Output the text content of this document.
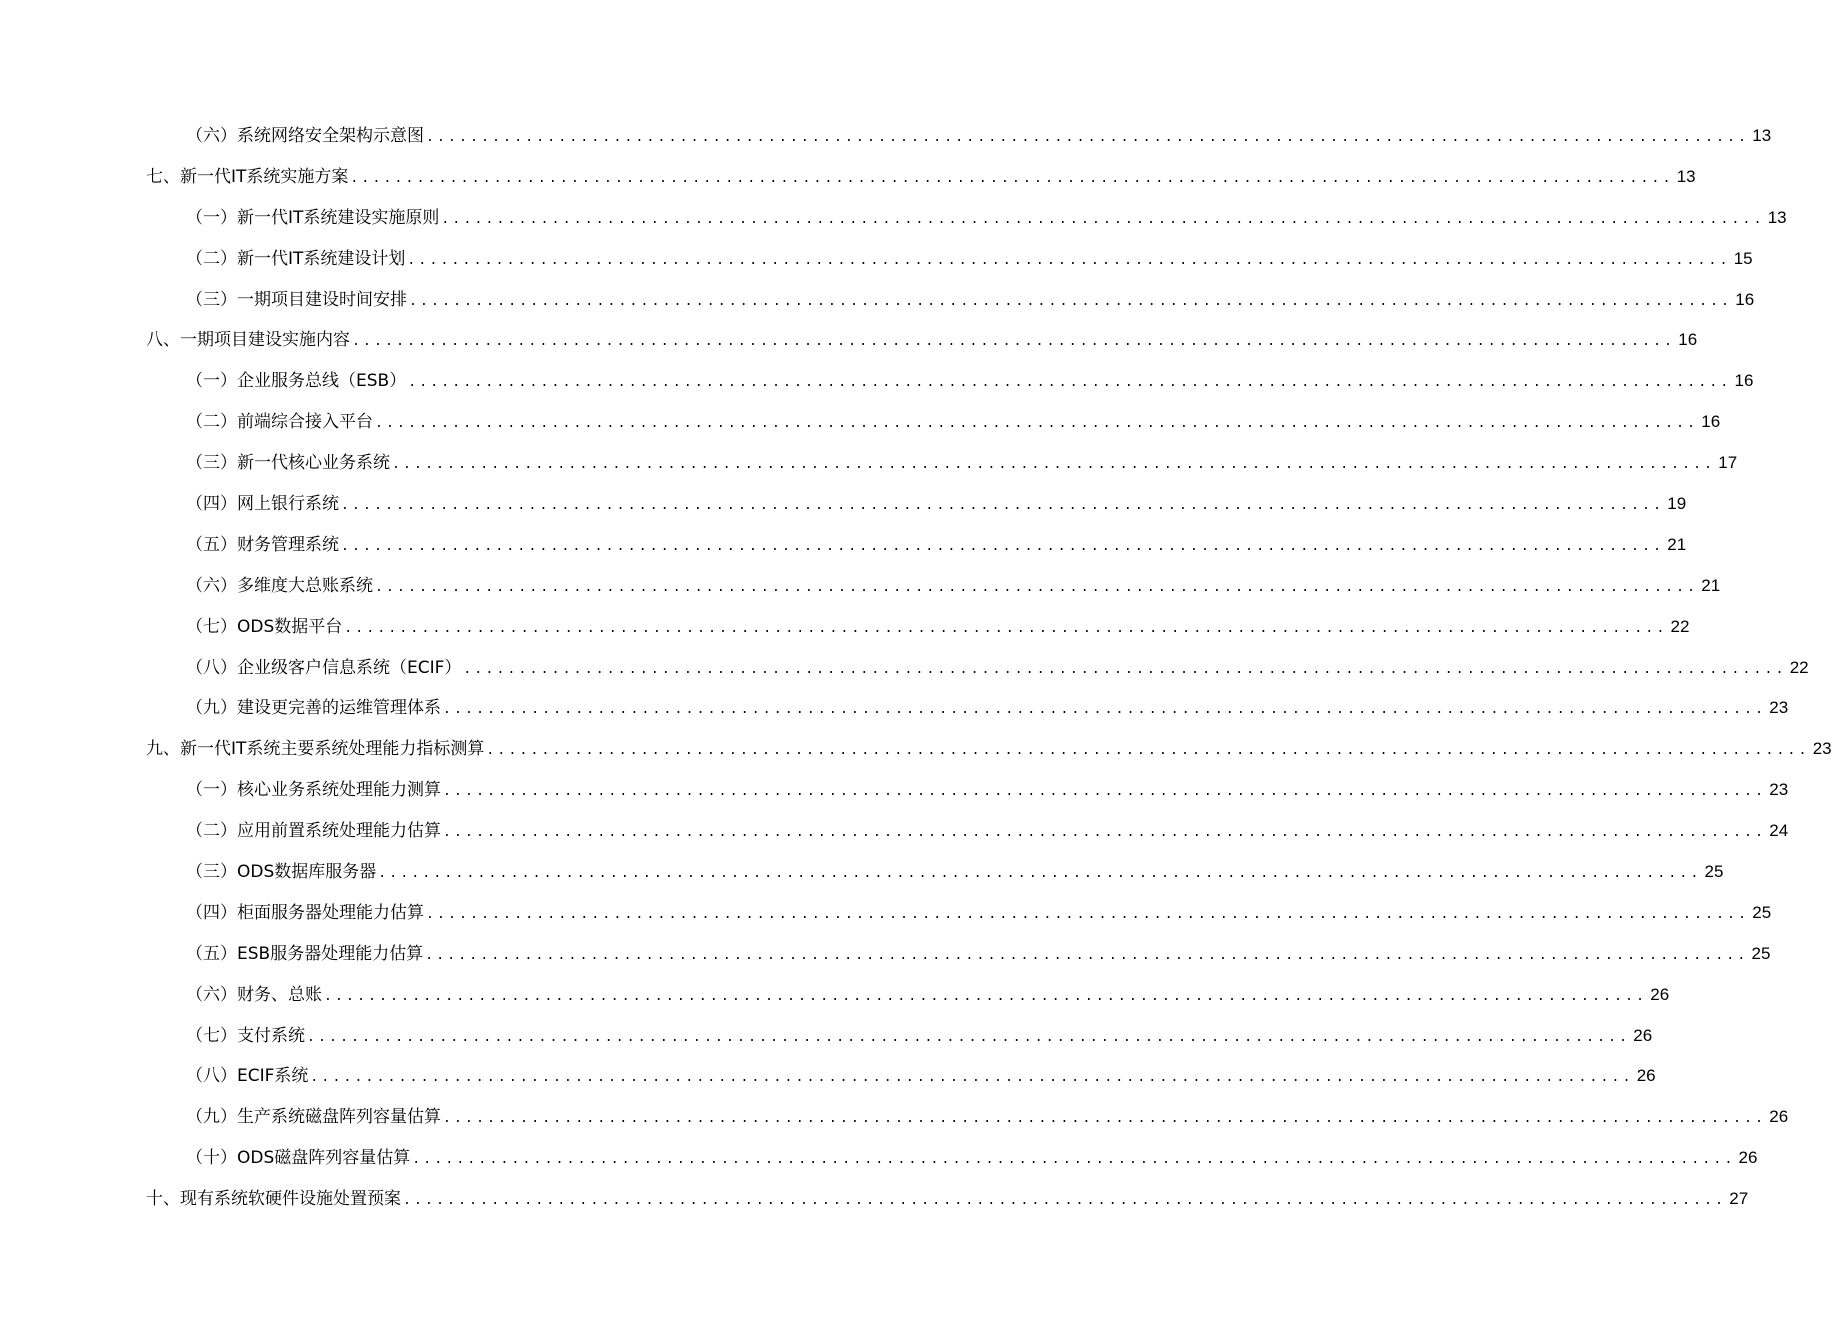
（六）系统网络安全架构示意图 ........................................................................................................................ 13
七、新一代IT系统实施方案 ........................................................................................................................ 13
（一）新一代IT系统建设实施原则 ........................................................................................................................ 13
（二）新一代IT系统建设计划 ........................................................................................................................ 15
（三）一期项目建设时间安排 ........................................................................................................................ 16
八、一期项目建设实施内容 ........................................................................................................................ 16
（一）企业服务总线（ESB） ........................................................................................................................ 16
（二）前端综合接入平台 ........................................................................................................................ 16
（三）新一代核心业务系统 ........................................................................................................................ 17
（四）网上银行系统 ........................................................................................................................ 19
（五）财务管理系统 ........................................................................................................................ 21
（六）多维度大总账系统 ........................................................................................................................ 21
（七）ODS数据平台 ........................................................................................................................ 22
（八）企业级客户信息系统（ECIF） ........................................................................................................................ 22
（九）建设更完善的运维管理体系 ........................................................................................................................ 23
九、新一代IT系统主要系统处理能力指标测算 ........................................................................................................................ 23
（一）核心业务系统处理能力测算 ........................................................................................................................ 23
（二）应用前置系统处理能力估算 ........................................................................................................................ 24
（三）ODS数据库服务器 ........................................................................................................................ 25
（四）柜面服务器处理能力估算 ........................................................................................................................ 25
（五）ESB服务器处理能力估算 ........................................................................................................................ 25
（六）财务、总账 ........................................................................................................................ 26
（七）支付系统 ........................................................................................................................ 26
（八）ECIF系统 ........................................................................................................................ 26
（九）生产系统磁盘阵列容量估算 ........................................................................................................................ 26
（十）ODS磁盘阵列容量估算 ........................................................................................................................ 26
十、现有系统软硬件设施处置预案 ........................................................................................................................ 27
